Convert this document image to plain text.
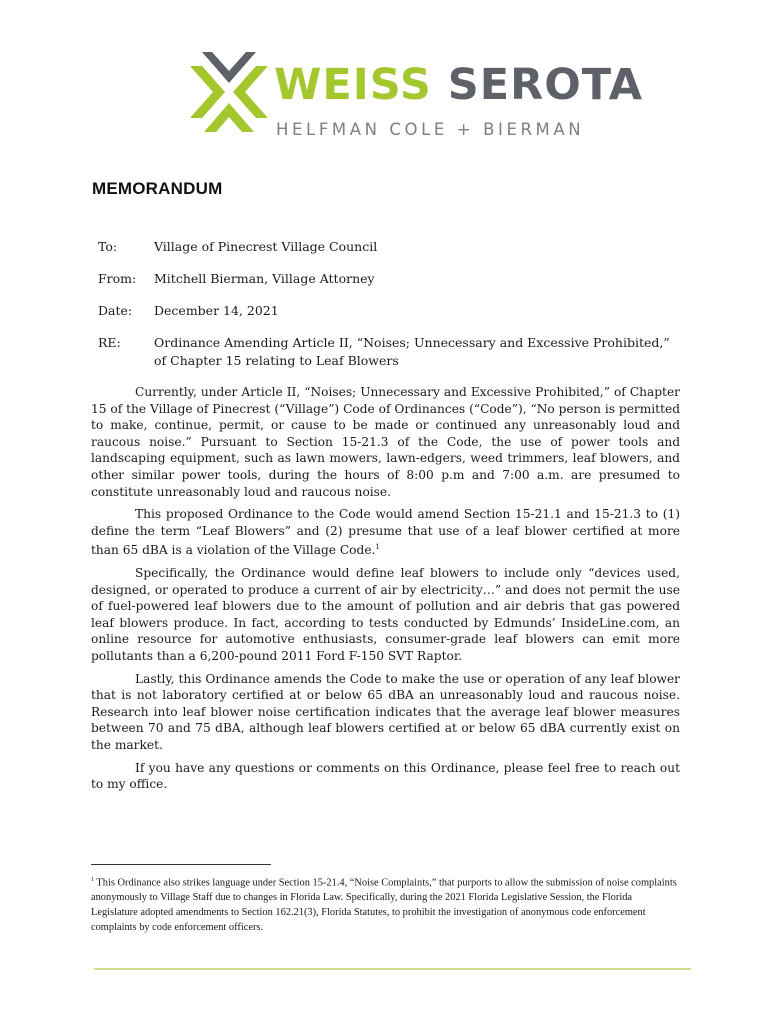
WEISS SEROTA
HELFMAN COLE + BIERMAN
MEMORANDUM
To:	Village of Pinecrest Village Council
From: Mitchell Bierman, Village Attorney
Date: December 14, 2021
RE:	Ordinance Amending Article II, “Noises; Unnecessary and Excessive Prohibited,”
of Chapter 15 relating to Leaf Blowers

Currently, under Article II, “Noises; Unnecessary and Excessive Prohibited,” of Chapter 15 of the Village of Pinecrest (“Village”) Code of Ordinances (“Code”), “No person is permitted to make, continue, permit, or cause to be made or continued any unreasonably loud and raucous noise.” Pursuant to Section 15-21.3 of the Code, the use of power tools and landscaping equipment, such as lawn mowers, lawn-edgers, weed trimmers, leaf blowers, and other similar power tools, during the hours of 8:00 p.m and 7:00 a.m. are presumed to constitute unreasonably loud and raucous noise.

This proposed Ordinance to the Code would amend Section 15-21.1 and 15-21.3 to (1) define the term “Leaf Blowers” and (2) presume that use of a leaf blower certified at more than 65 dBA is a violation of the Village Code.$^1$

Specifically, the Ordinance would define leaf blowers to include only “devices used, designed, or operated to produce a current of air by electricity…” and does not permit the use of fuel-powered leaf blowers due to the amount of pollution and air debris that gas powered leaf blowers produce. In fact, according to tests conducted by Edmunds’ InsideLine.com, an online resource for automotive enthusiasts, consumer-grade leaf blowers can emit more pollutants than a 6,200-pound 2011 Ford F-150 SVT Raptor.

Lastly, this Ordinance amends the Code to make the use or operation of any leaf blower that is not laboratory certified at or below 65 dBA an unreasonably loud and raucous noise. Research into leaf blower noise certification indicates that the average leaf blower measures between 70 and 75 dBA, although leaf blowers certified at or below 65 dBA currently exist on the market.

If you have any questions or comments on this Ordinance, please feel free to reach out to my office.

$^1$ This Ordinance also strikes language under Section 15-21.4, “Noise Complaints,” that purports to allow the submission of noise complaints anonymously to Village Staff due to changes in Florida Law. Specifically, during the 2021 Florida Legislative Session, the Florida Legislature adopted amendments to Section 162.21(3), Florida Statutes, to prohibit the investigation of anonymous code enforcement complaints by code enforcement officers.
